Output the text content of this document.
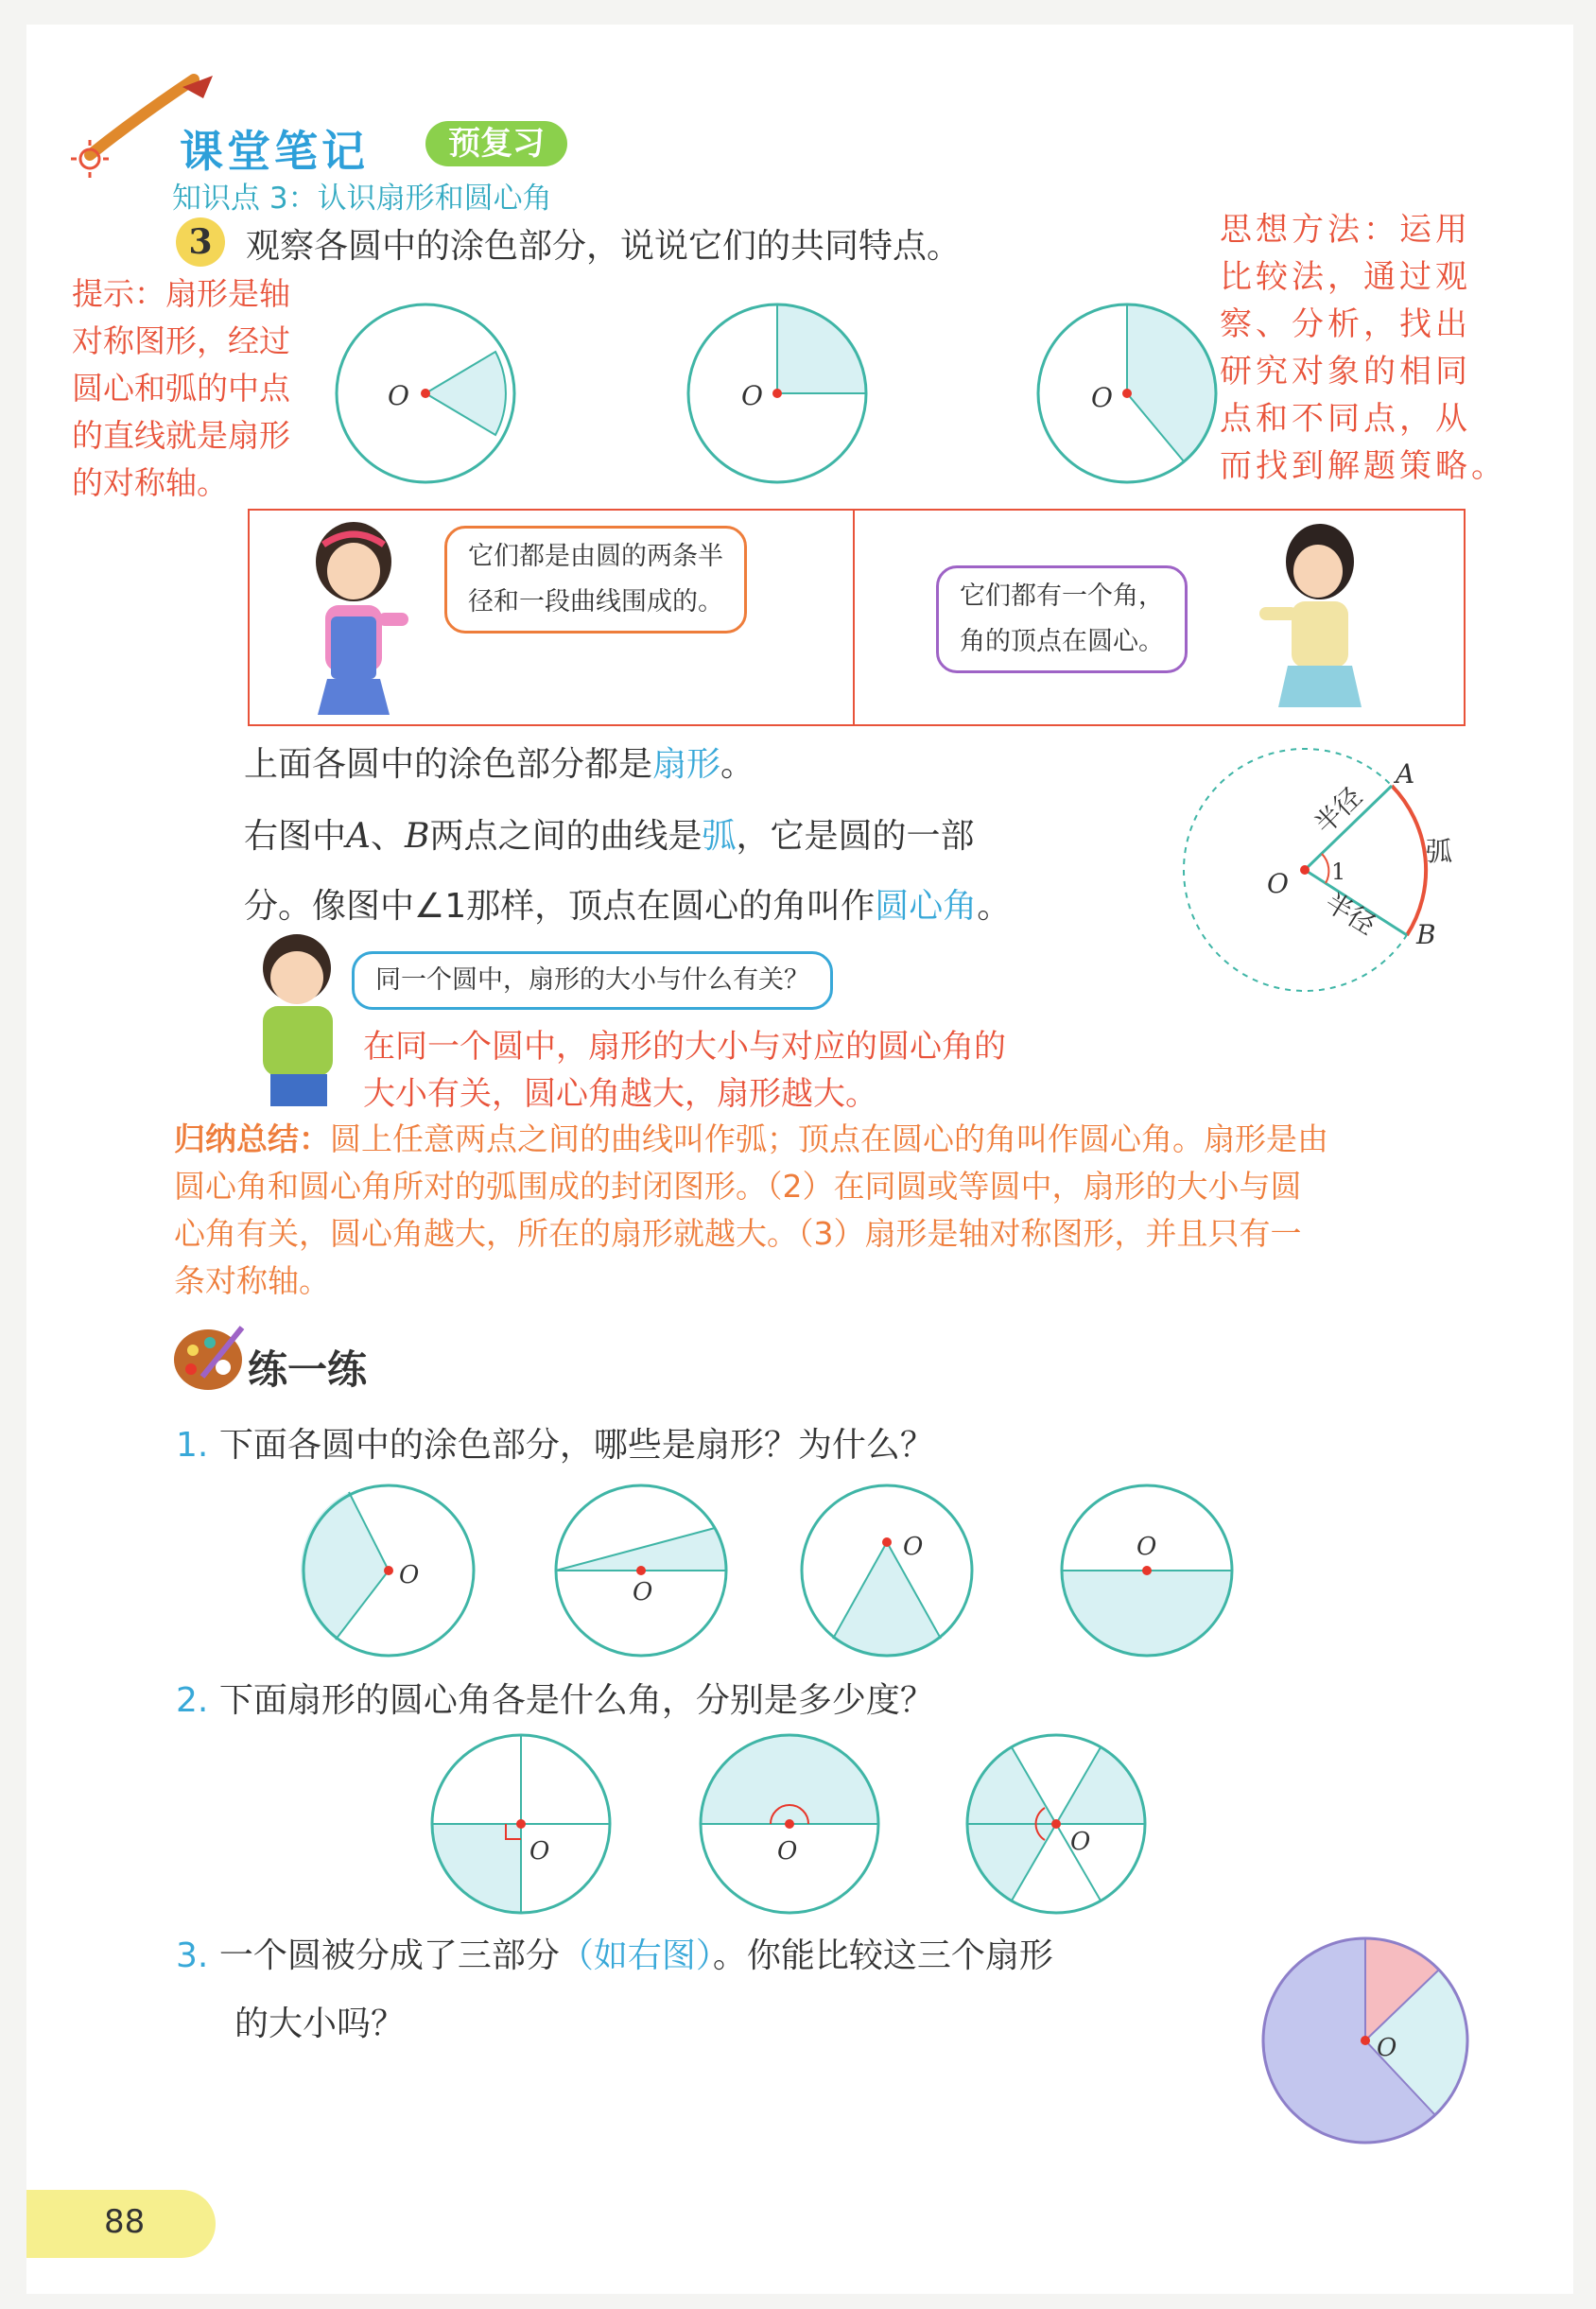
课堂笔记	预复习
知识点 3：认识扇形和圆心角
3 观察各圆中的涂色部分，说说它们的共同特点。
提示：扇形是轴
对称图形，经过
圆心和弧的中点
的直线就是扇形
的对称轴。
思想方法：运用
比较法，通过观
察、分析，找出
研究对象的相同
点和不同点，从
而找到解题策略。
O	O	O
它们都是由圆的两条半
径和一段曲线围成的。	它们都有一个角，
角的顶点在圆心。
上面各圆中的涂色部分都是扇形。
右图中A、B两点之间的曲线是弧，它是圆的一部
分。像图中∠1那样，顶点在圆心的角叫作圆心角。
O 1
A
B
弧
半径
半径
同一个圆中，扇形的大小与什么有关？
在同一个圆中，扇形的大小与对应的圆心角的
大小有关，圆心角越大，扇形越大。
归纳总结：圆上任意两点之间的曲线叫作弧；顶点在圆心的角叫作圆心角。扇形是由
圆心角和圆心角所对的弧围成的封闭图形。（2）在同圆或等圆中，扇形的大小与圆
心角有关，圆心角越大，所在的扇形就越大。（3）扇形是轴对称图形，并且只有一
条对称轴。
练一练
1. 下面各圆中的涂色部分，哪些是扇形？为什么？
O
O
O	O
2. 下面扇形的圆心角各是什么角，分别是多少度？
O	O	O
3. 一个圆被分成了三部分（如右图）。你能比较这三个扇形
的大小吗？
O
88
